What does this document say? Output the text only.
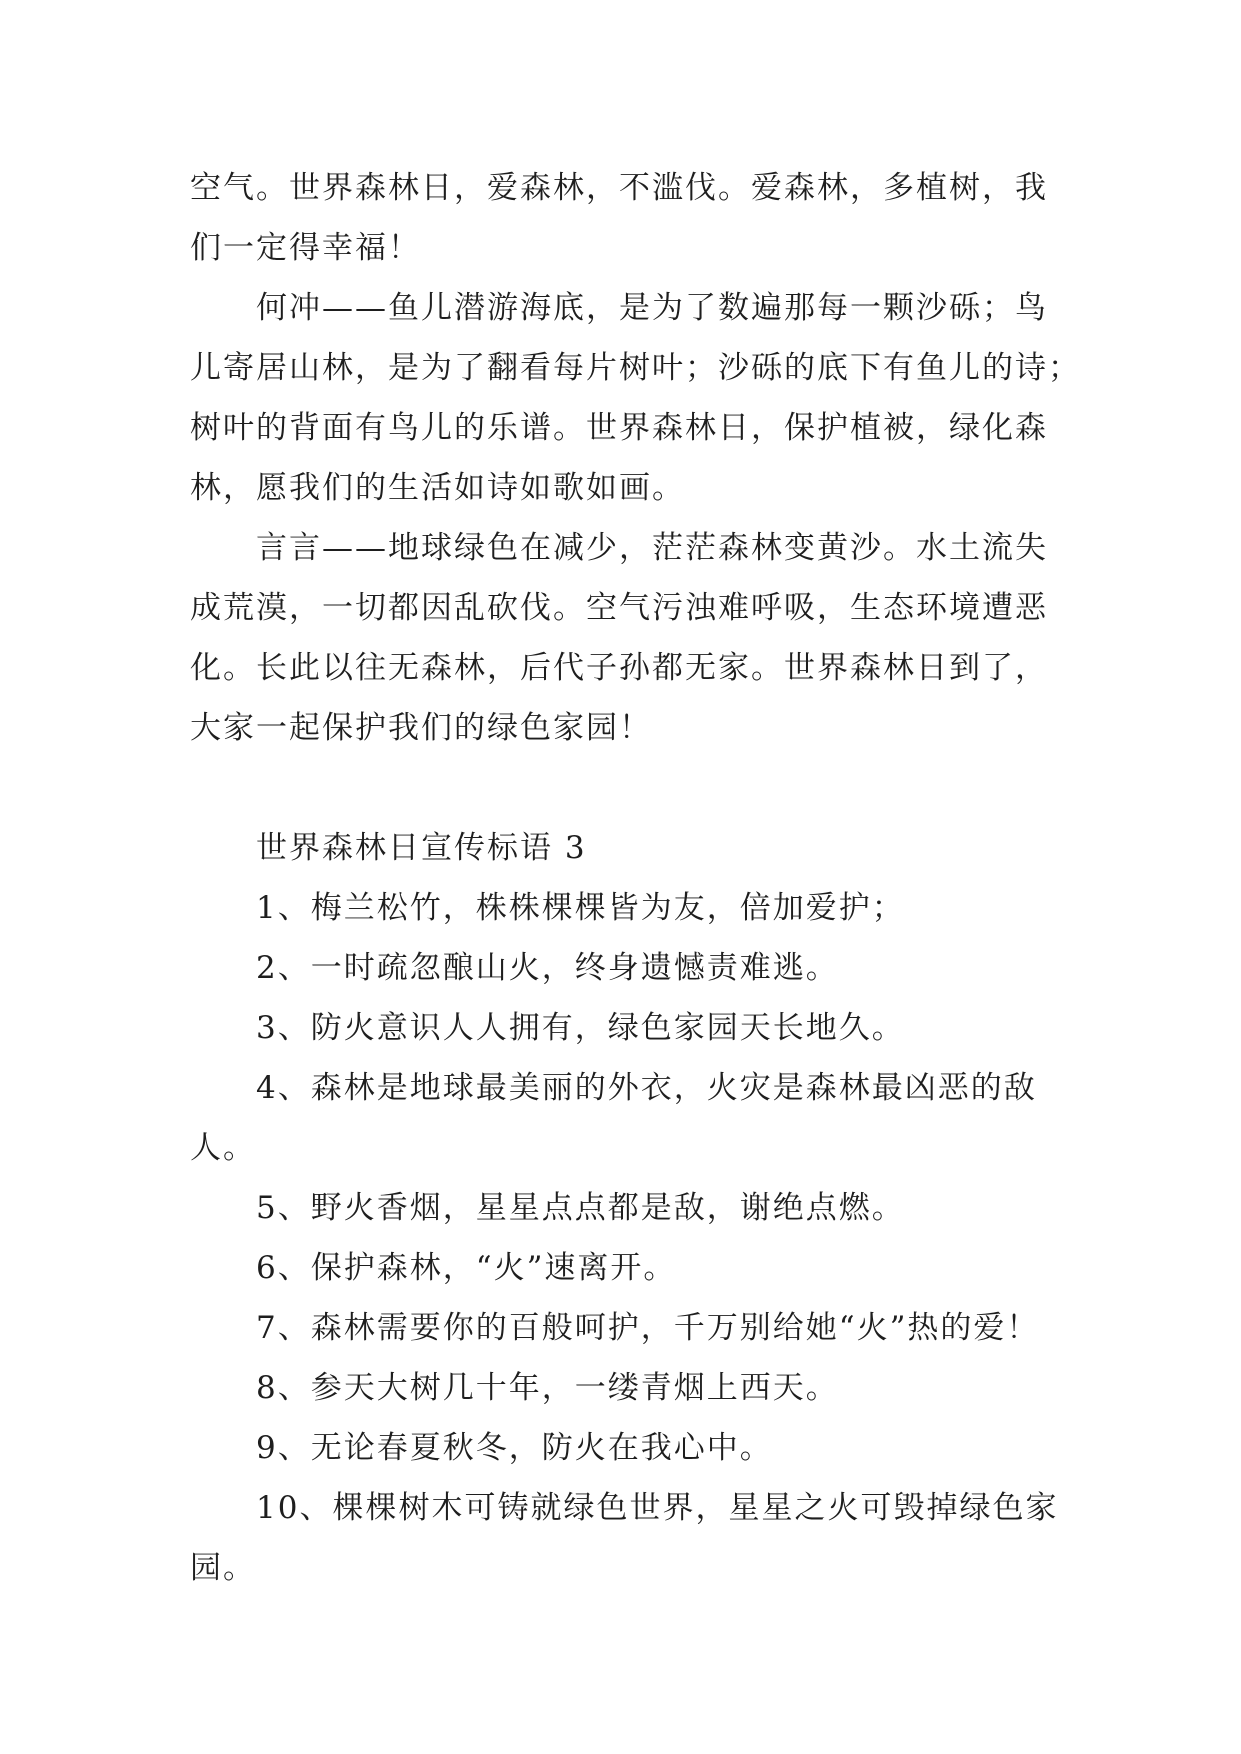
空气。世界森林日，爱森林，不滥伐。爱森林，多植树，我
们一定得幸福！
何冲——鱼儿潜游海底，是为了数遍那每一颗沙砾；鸟
儿寄居山林，是为了翻看每片树叶；沙砾的底下有鱼儿的诗；
树叶的背面有鸟儿的乐谱。世界森林日，保护植被，绿化森
林，愿我们的生活如诗如歌如画。
言言——地球绿色在减少，茫茫森林变黄沙。水土流失
成荒漠，一切都因乱砍伐。空气污浊难呼吸，生态环境遭恶
化。长此以往无森林，后代子孙都无家。世界森林日到了，
大家一起保护我们的绿色家园！
世界森林日宣传标语 3
1、梅兰松竹，株株棵棵皆为友，倍加爱护；
2、一时疏忽酿山火，终身遗憾责难逃。
3、防火意识人人拥有，绿色家园天长地久。
4、森林是地球最美丽的外衣，火灾是森林最凶恶的敌
人。
5、野火香烟，星星点点都是敌，谢绝点燃。
6、保护森林，“火”速离开。
7、森林需要你的百般呵护，千万别给她“火”热的爱！
8、参天大树几十年，一缕青烟上西天。
9、无论春夏秋冬，防火在我心中。
10、棵棵树木可铸就绿色世界，星星之火可毁掉绿色家
园。
